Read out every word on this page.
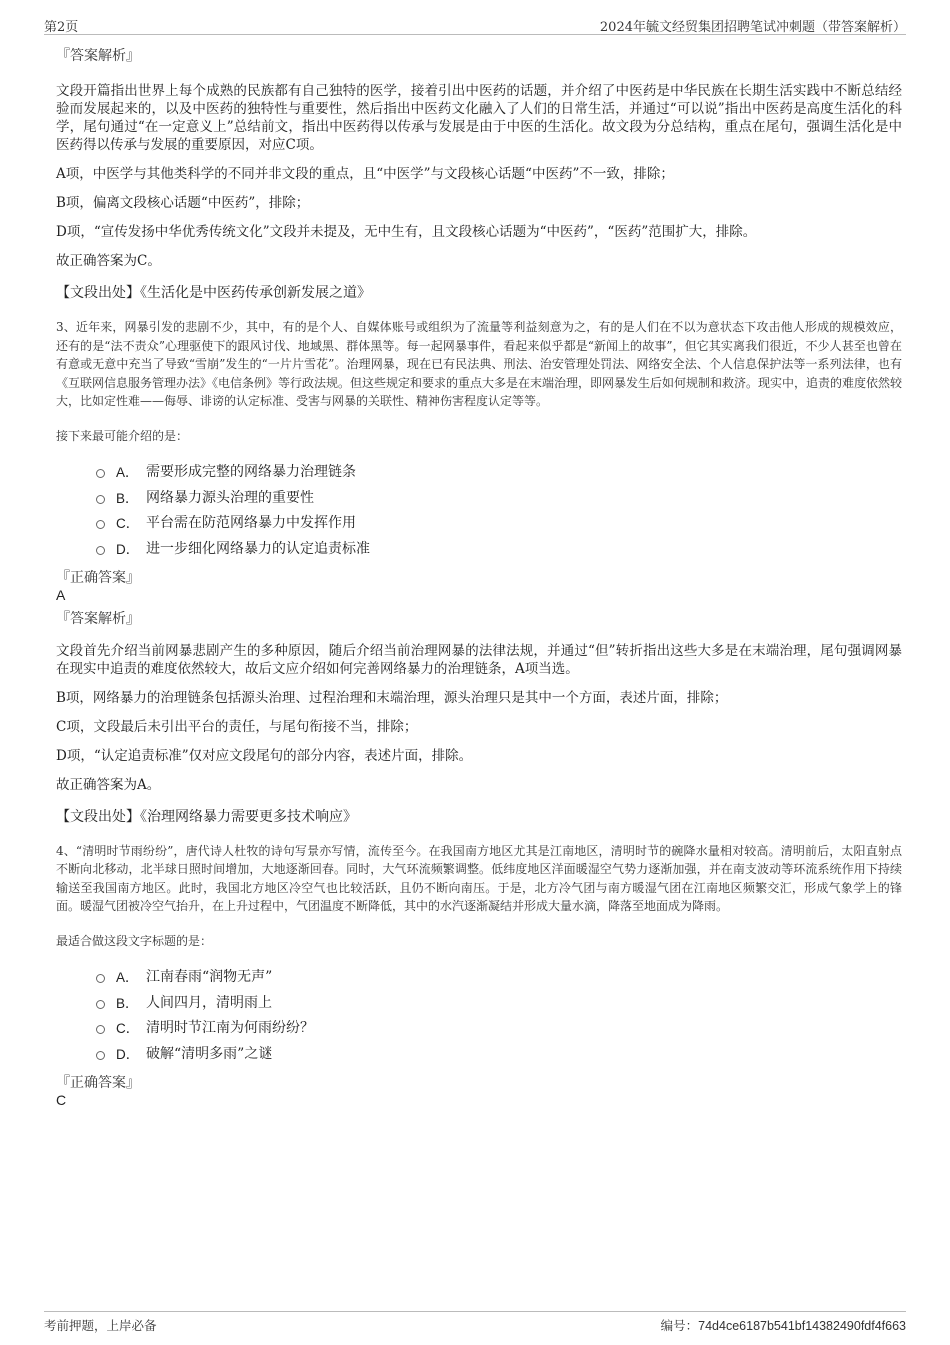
第2页	2024年毓文经贸集团招聘笔试冲刺题（带答案解析）
『答案解析』

文段开篇指出世界上每个成熟的民族都有自己独特的医学，接着引出中医药的话题，并介绍了中医药是中华民族在长期生活实践中不断总结经验而发展起来的，以及中医药的独特性与重要性，然后指出中医药文化融入了人们的日常生活，并通过“可以说”指出中医药是高度生活化的科学，尾句通过“在一定意义上”总结前文，指出中医药得以传承与发展是由于中医的生活化。故文段为分总结构，重点在尾句，强调生活化是中医药得以传承与发展的重要原因，对应C项。

A项，中医学与其他类科学的不同并非文段的重点，且“中医学”与文段核心话题“中医药”不一致，排除；

B项，偏离文段核心话题“中医药”，排除；

D项，“宣传发扬中华优秀传统文化”文段并未提及，无中生有，且文段核心话题为“中医药”，“医药”范围扩大，排除。

故正确答案为C。

【文段出处】《生活化是中医药传承创新发展之道》
3、近年来，网暴引发的悲剧不少，其中，有的是个人、自媒体账号或组织为了流量等利益刻意为之，有的是人们在不以为意状态下攻击他人形成的规模效应，还有的是“法不责众”心理驱使下的跟风讨伐、地域黑、群体黑等。每一起网暴事件，看起来似乎都是“新闻上的故事”，但它其实离我们很近，不少人甚至也曾在有意或无意中充当了导致“雪崩”发生的“一片片雪花”。治理网暴，现在已有民法典、刑法、治安管理处罚法、网络安全法、个人信息保护法等一系列法律，也有《互联网信息服务管理办法》《电信条例》等行政法规。但这些规定和要求的重点大多是在末端治理，即网暴发生后如何规制和救济。现实中，追责的难度依然较大，比如定性难——侮辱、诽谤的认定标准、受害与网暴的关联性、精神伤害程度认定等等。
接下来最可能介绍的是：
A． 需要形成完整的网络暴力治理链条
B． 网络暴力源头治理的重要性
C． 平台需在防范网络暴力中发挥作用
D． 进一步细化网络暴力的认定追责标准
『正确答案』
A
『答案解析』

文段首先介绍当前网暴悲剧产生的多种原因，随后介绍当前治理网暴的法律法规，并通过“但”转折指出这些大多是在末端治理，尾句强调网暴在现实中追责的难度依然较大，故后文应介绍如何完善网络暴力的治理链条，A项当选。

B项，网络暴力的治理链条包括源头治理、过程治理和末端治理，源头治理只是其中一个方面，表述片面，排除；

C项，文段最后未引出平台的责任，与尾句衔接不当，排除；

D项，“认定追责标准”仅对应文段尾句的部分内容，表述片面，排除。

故正确答案为A。

【文段出处】《治理网络暴力需要更多技术响应》
4、“清明时节雨纷纷”，唐代诗人杜牧的诗句写景亦写情，流传至今。在我国南方地区尤其是江南地区，清明时节的碗降水量相对较高。清明前后，太阳直射点不断向北移动，北半球日照时间增加，大地逐渐回春。同时，大气环流频繁调整。低纬度地区洋面暖湿空气势力逐渐加强，并在南支波动等环流系统作用下持续输送至我国南方地区。此时，我国北方地区冷空气也比较活跃，且仍不断向南压。于是，北方冷气团与南方暖湿气团在江南地区频繁交汇，形成气象学上的锋面。暖湿气团被冷空气抬升，在上升过程中，气团温度不断降低，其中的水汽逐渐凝结并形成大量水滴，降落至地面成为降雨。
最适合做这段文字标题的是：
A． 江南春雨“润物无声”
B． 人间四月，清明雨上
C． 清明时节江南为何雨纷纷？
D． 破解“清明多雨”之谜
『正确答案』
C
考前押题，上岸必备	编号：74d4ce6187b541bf14382490fdf4f663
